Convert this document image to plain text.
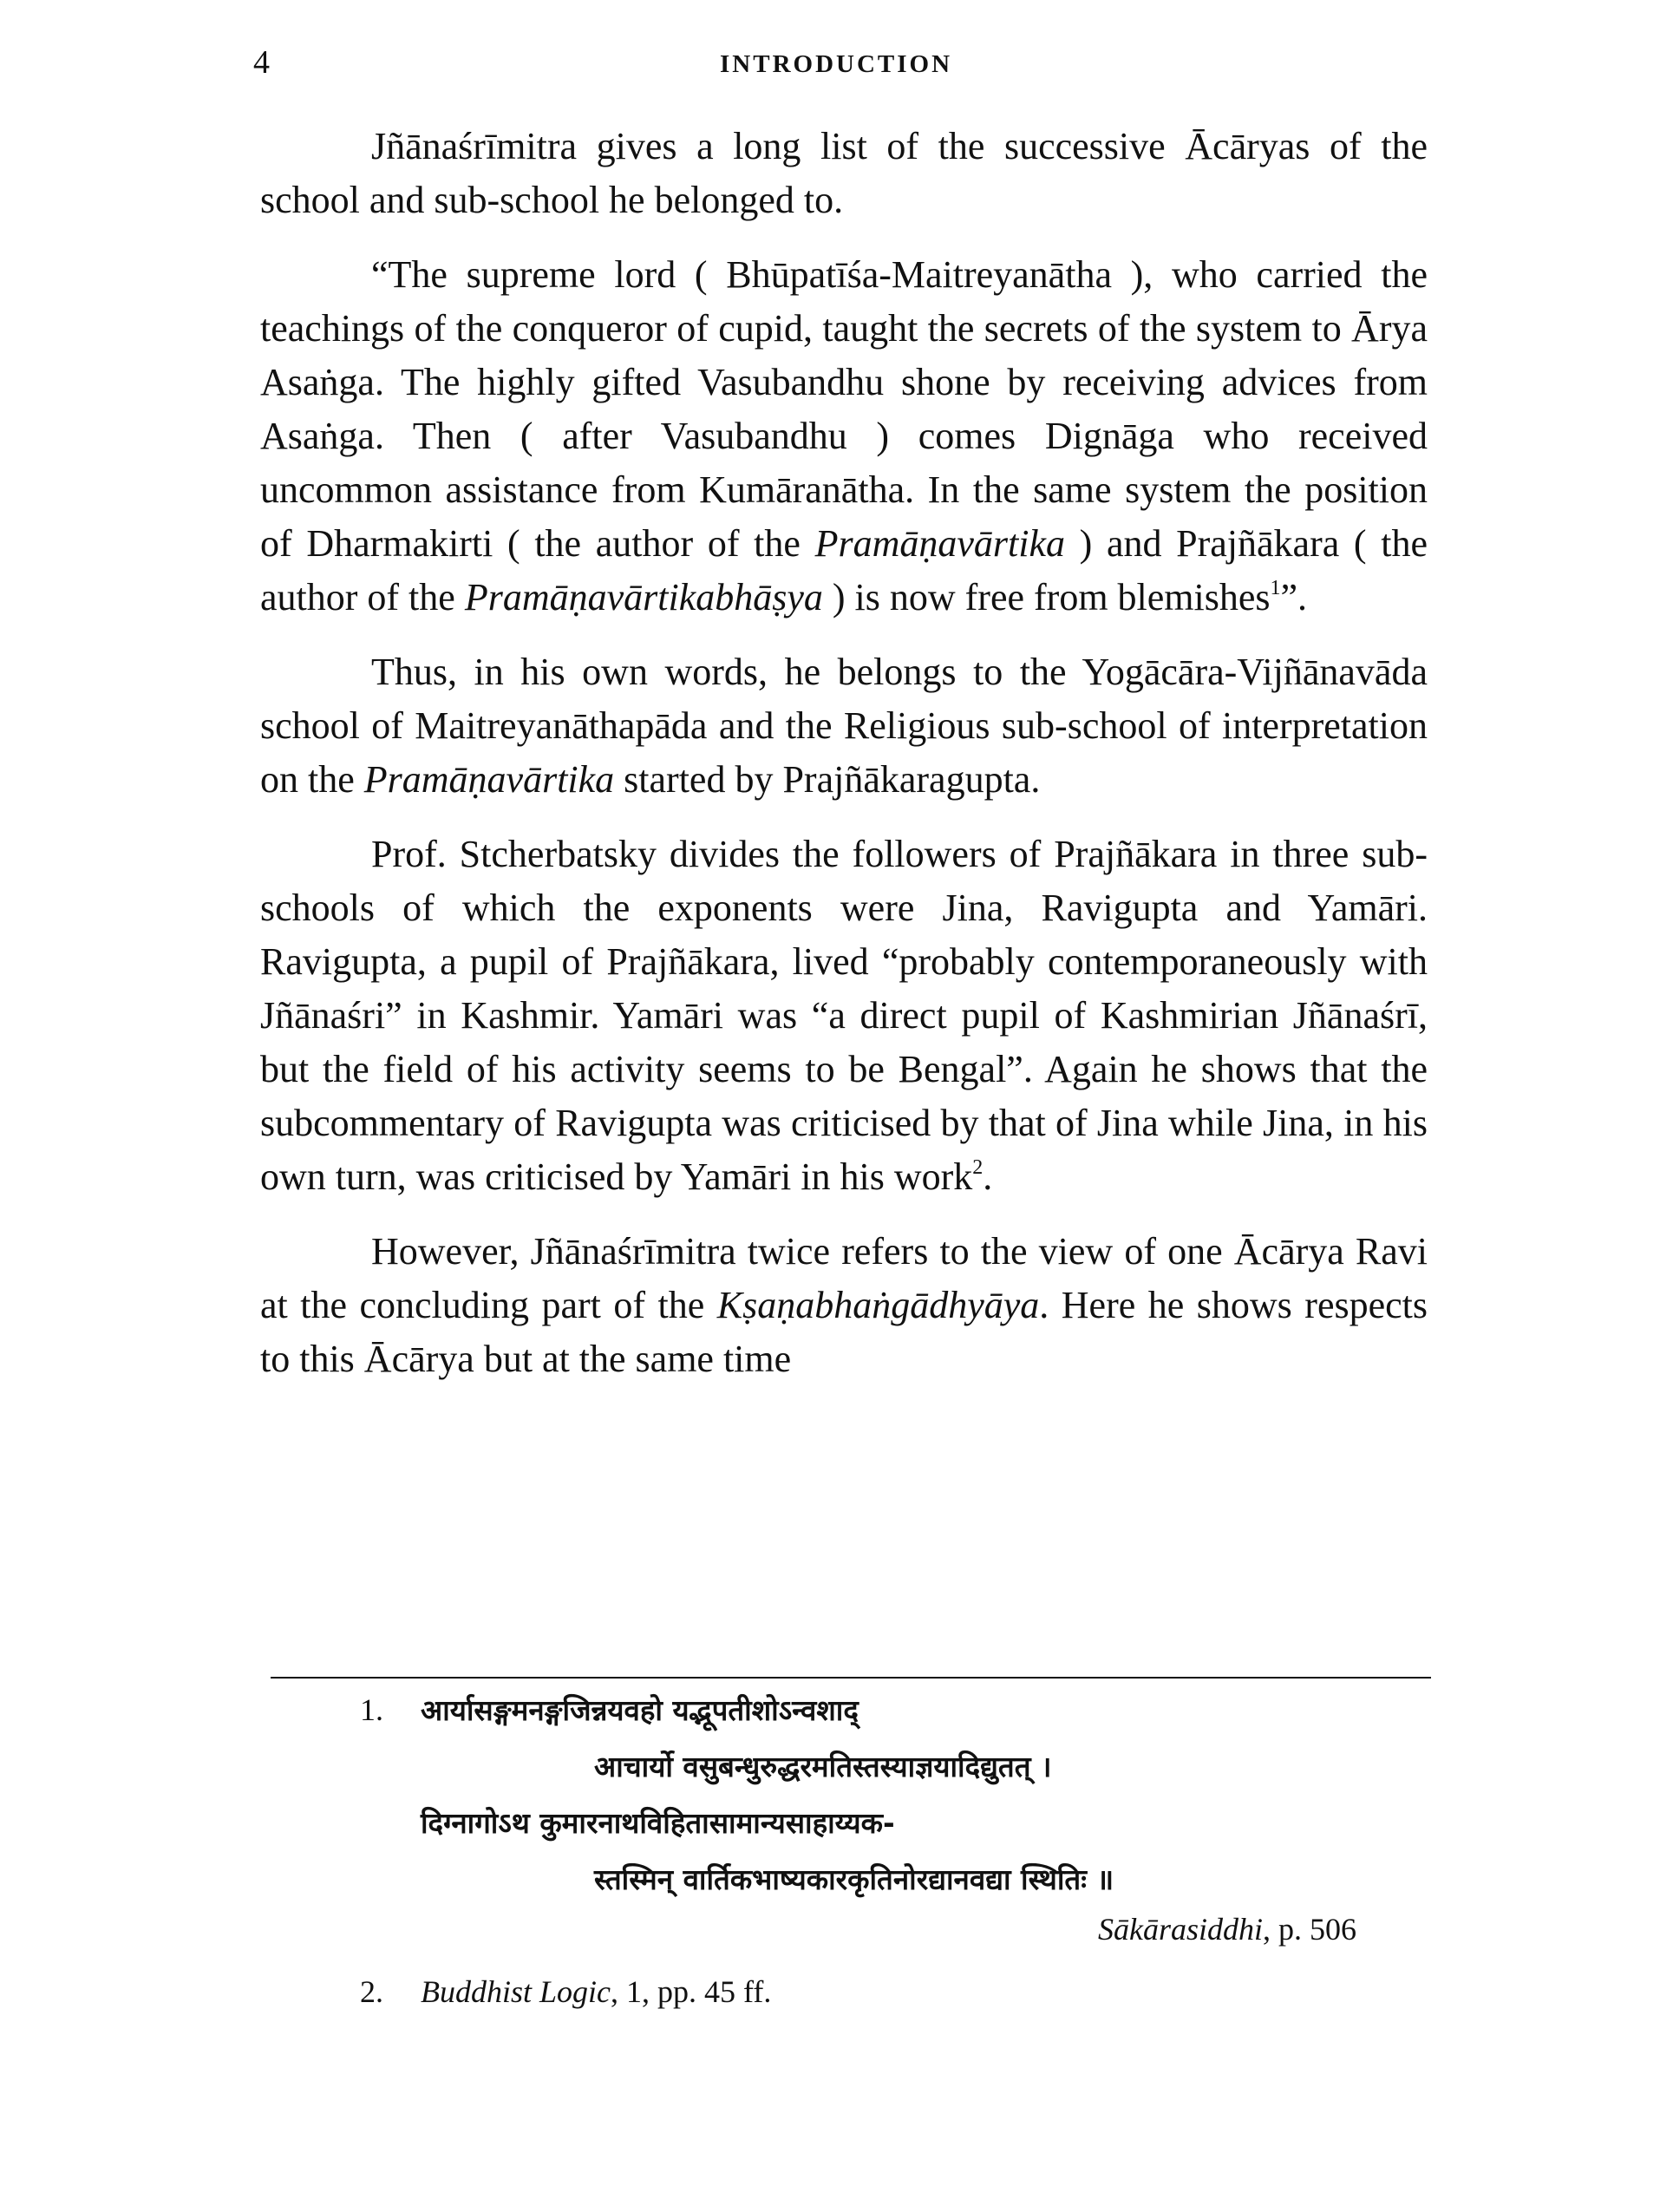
4	INTRODUCTION

Jñānaśrīmitra gives a long list of the successive Ācāryas of the school and sub-school he belonged to.

“The supreme lord ( Bhūpatīśa-Maitreyanātha ), who carried the teachings of the conqueror of cupid, taught the secrets of the system to Ārya Asaṅga. The highly gifted Vasubandhu shone by receiving advices from Asaṅga. Then ( after Vasubandhu ) comes Dignāga who received uncommon assistance from Kumāranātha. In the same system the position of Dharmakirti ( the author of the Pramāṇavārtika ) and Prajñākara ( the author of the Pramāṇavārtikabhāṣya ) is now free from blemishes$^1$”.

Thus, in his own words, he belongs to the Yogācāra-Vijñānavāda school of Maitreyanāthapāda and the Religious sub-school of interpretation on the Pramāṇavārtika started by Prajñākaragupta.

Prof. Stcherbatsky divides the followers of Prajñākara in three sub-schools of which the exponents were Jina, Ravigupta and Yamāri. Ravigupta, a pupil of Prajñākara, lived “probably contemporaneously with Jñānaśri” in Kashmir. Yamāri was “a direct pupil of Kashmirian Jñānaśrī, but the field of his activity seems to be Bengal”. Again he shows that the subcommentary of Ravigupta was criticised by that of Jina while Jina, in his own turn, was criticised by Yamāri in his work$^2$.

However, Jñānaśrīmitra twice refers to the view of one Ācārya Ravi at the concluding part of the Kṣaṇabhaṅgādhyāya. Here he shows respects to this Ācārya but at the same time

1. आर्यासङ्गमनङ्गजिन्नयवहो यद्भूपतीशोऽन्वशाद्
आचार्यो वसुबन्धुरुद्धरमतिस्तस्याज्ञयादिद्युतत् ।
दिग्नागोऽथ कुमारनाथविहितासामान्यसाहाय्यक-
स्तस्मिन् वार्तिकभाष्यकारकृतिनोरद्यानवद्या स्थितिः ॥
Sākārasiddhi, p. 506
2. Buddhist Logic, 1, pp. 45 ff.
